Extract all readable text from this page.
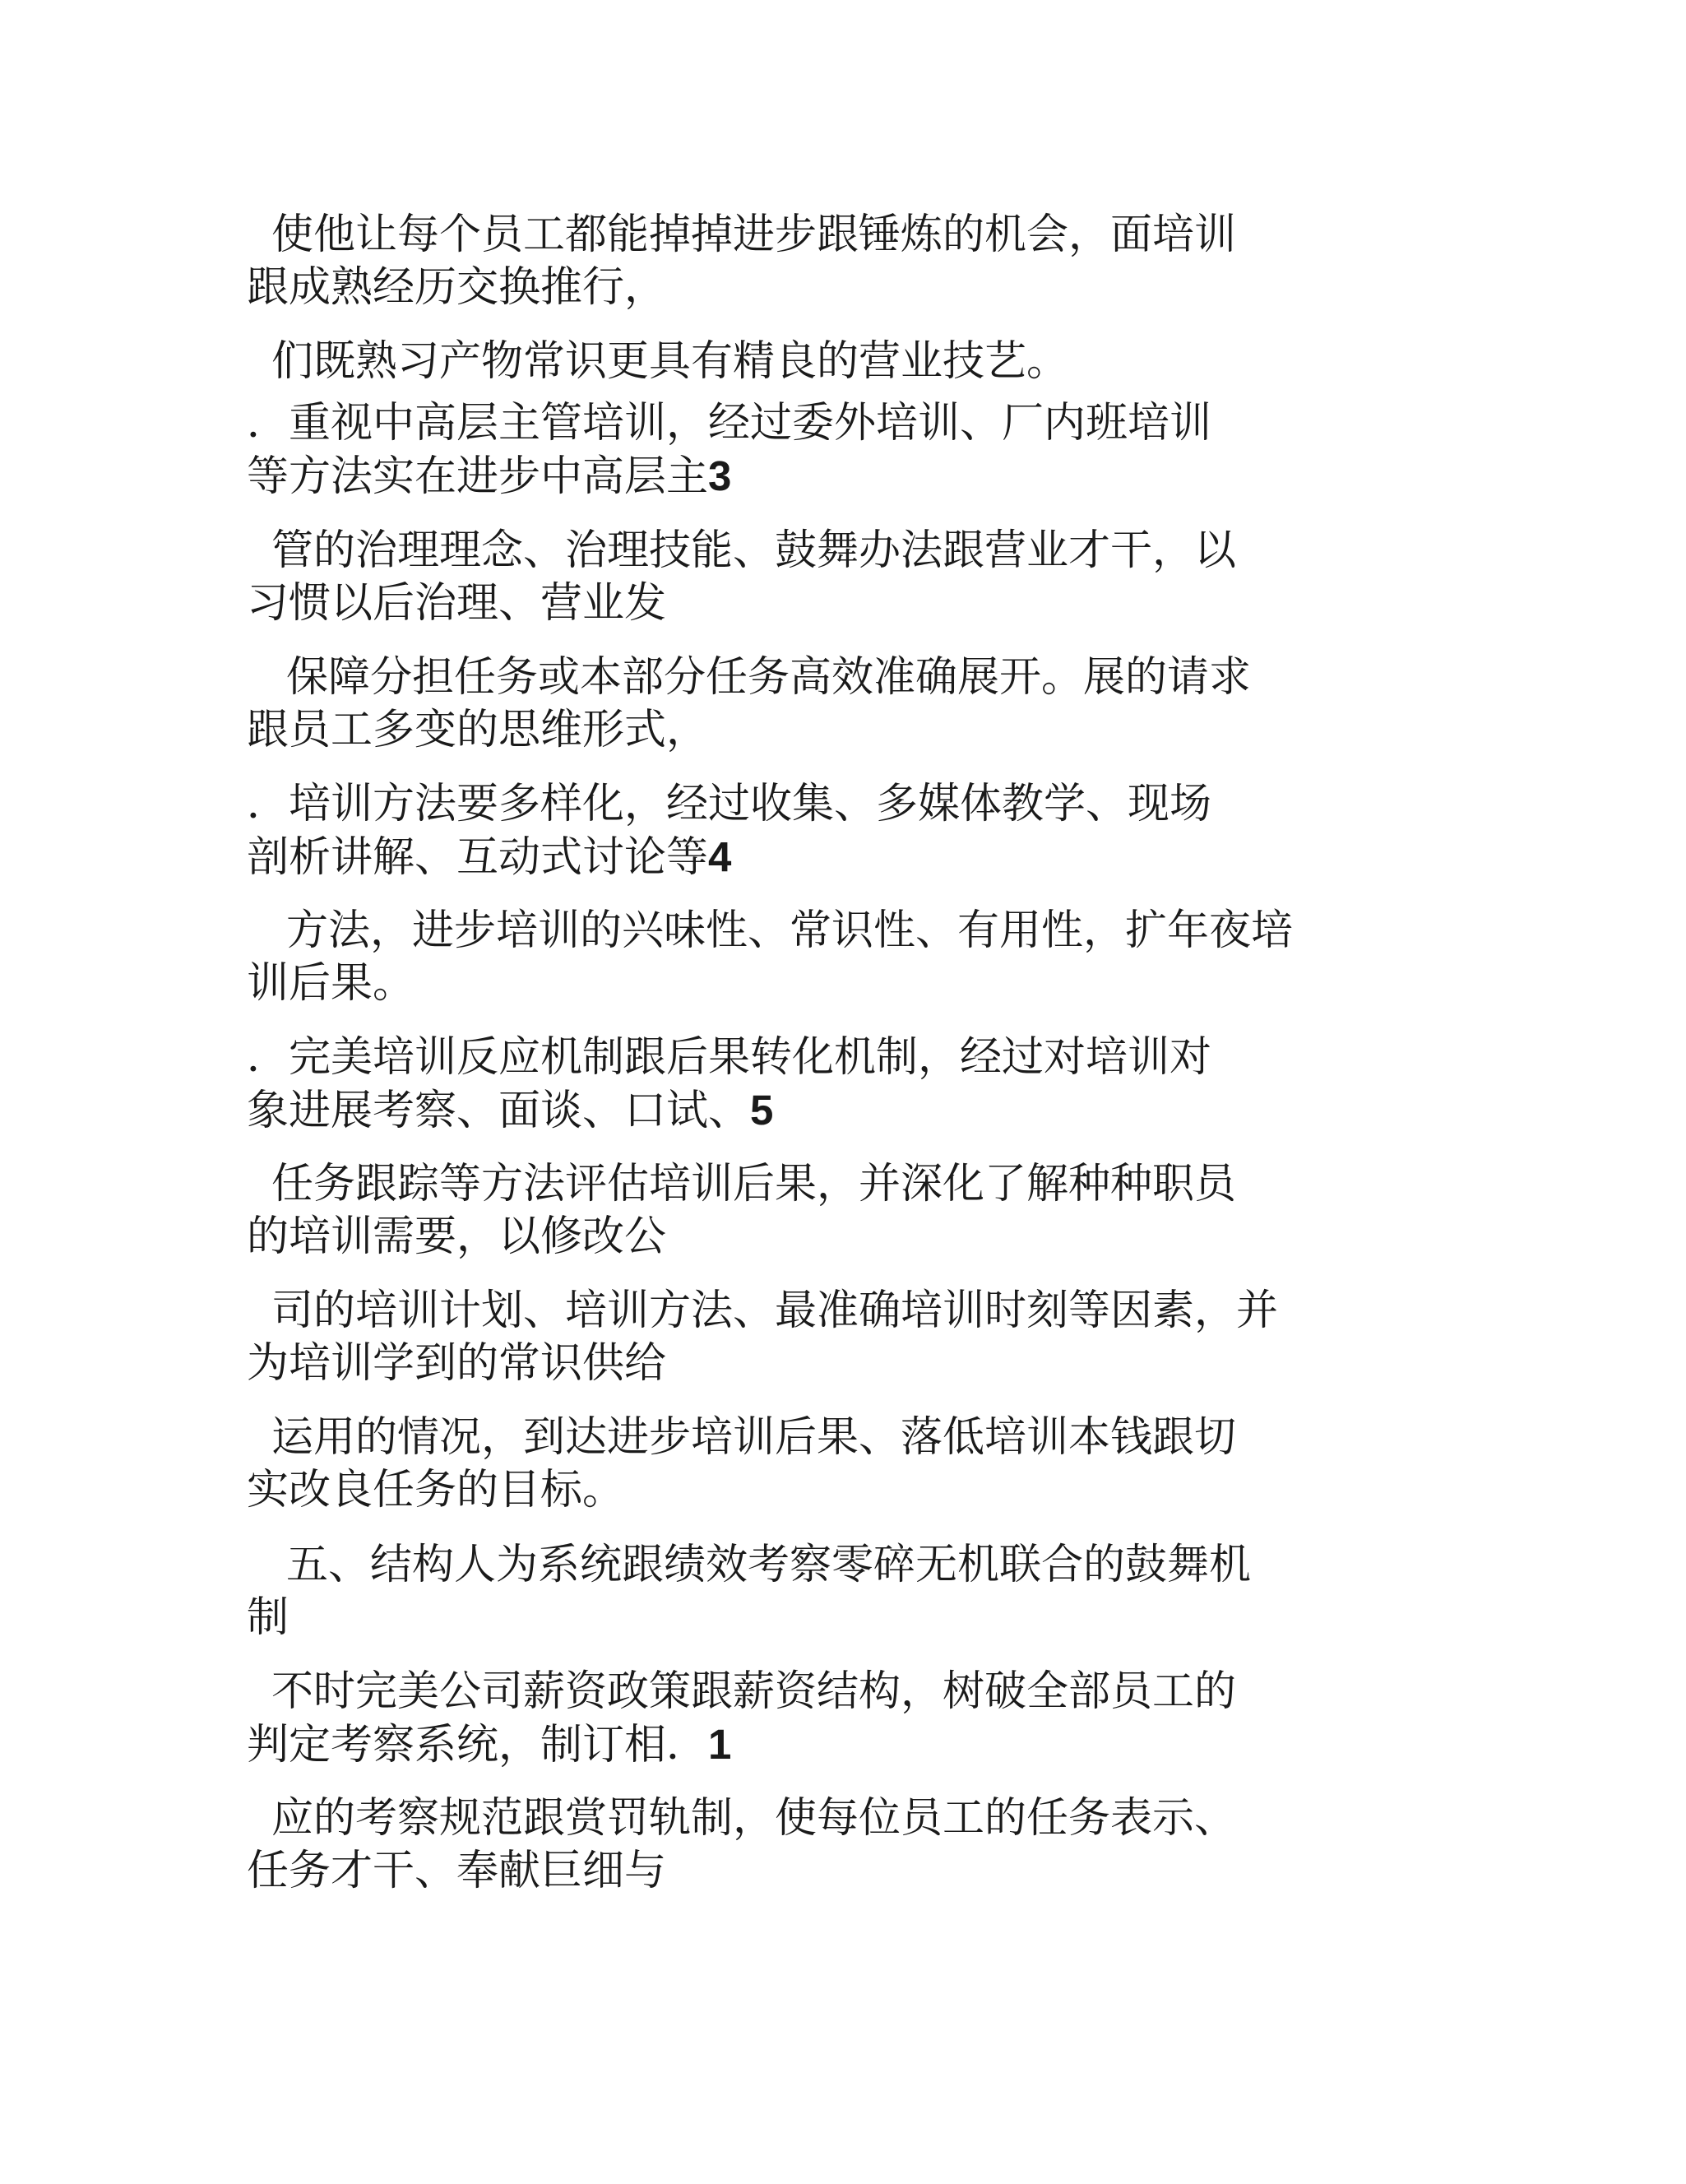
使他让每个员工都能掉掉进步跟锤炼的机会，面培训
跟成熟经历交换推行，
们既熟习产物常识更具有精良的营业技艺。
．重视中高层主管培训，经过委外培训、厂内班培训
等方法实在进步中高层主3
管的治理理念、治理技能、鼓舞办法跟营业才干，以
习惯以后治理、营业发
保障分担任务或本部分任务高效准确展开。展的请求
跟员工多变的思维形式，
．培训方法要多样化，经过收集、多媒体教学、现场
剖析讲解、互动式讨论等4
方法，进步培训的兴味性、常识性、有用性，扩年夜培
训后果。
．完美培训反应机制跟后果转化机制，经过对培训对
象进展考察、面谈、口试、5
任务跟踪等方法评估培训后果，并深化了解种种职员
的培训需要，以修改公
司的培训计划、培训方法、最准确培训时刻等因素，并
为培训学到的常识供给
运用的情况，到达进步培训后果、落低培训本钱跟切
实改良任务的目标。
五、结构人为系统跟绩效考察零碎无机联合的鼓舞机
制
不时完美公司薪资政策跟薪资结构，树破全部员工的
判定考察系统，制订相．1
应的考察规范跟赏罚轨制，使每位员工的任务表示、
任务才干、奉献巨细与
